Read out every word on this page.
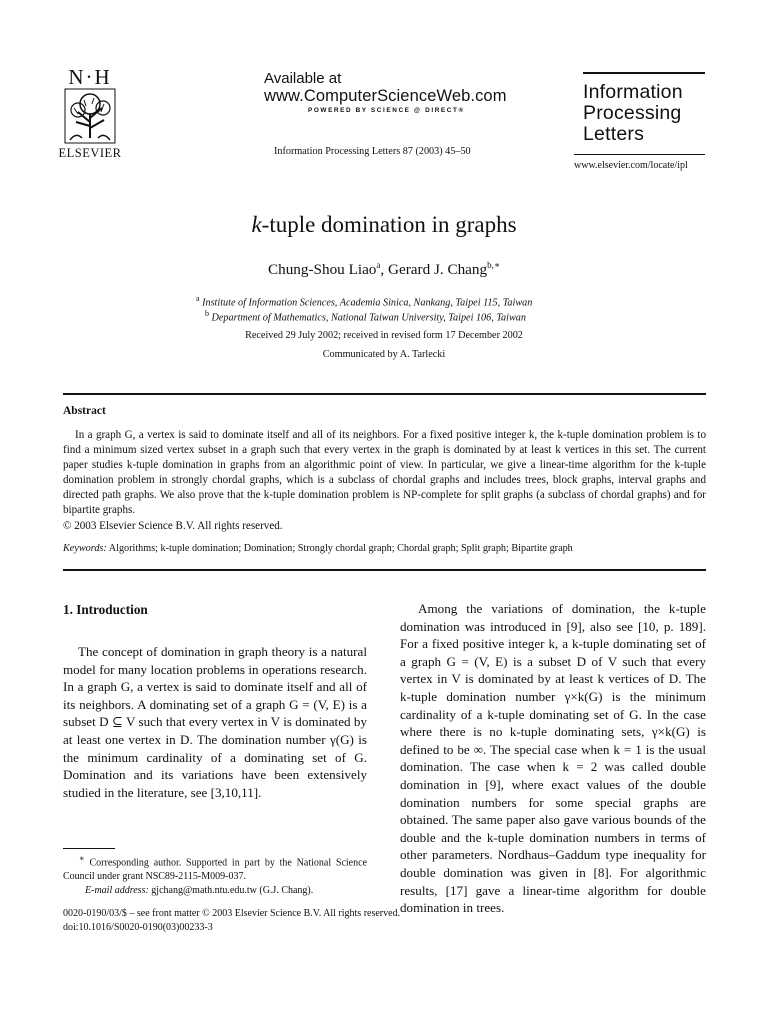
N·H
ELSEVIER
Available at
www.ComputerScienceWeb.com
POWERED BY SCIENCE @ DIRECT®
Information Processing Letters 87 (2003) 45–50
Information
Processing
Letters
www.elsevier.com/locate/ipl
k-tuple domination in graphs
Chung-Shou Liao$^a$, Gerard J. Chang$^{b,∗}$
$^a$ Institute of Information Sciences, Academia Sinica, Nankang, Taipei 115, Taiwan
$^b$ Department of Mathematics, National Taiwan University, Taipei 106, Taiwan
Received 29 July 2002; received in revised form 17 December 2002
Communicated by A. Tarlecki
Abstract

In a graph G, a vertex is said to dominate itself and all of its neighbors. For a fixed positive integer k, the k-tuple domination problem is to find a minimum sized vertex subset in a graph such that every vertex in the graph is dominated by at least k vertices in this set. The current paper studies k-tuple domination in graphs from an algorithmic point of view. In particular, we give a linear-time algorithm for the k-tuple domination problem in strongly chordal graphs, which is a subclass of chordal graphs and includes trees, block graphs, interval graphs and directed path graphs. We also prove that the k-tuple domination problem is NP-complete for split graphs (a subclass of chordal graphs) and for bipartite graphs.

© 2003 Elsevier Science B.V. All rights reserved.

Keywords: Algorithms; k-tuple domination; Domination; Strongly chordal graph; Chordal graph; Split graph; Bipartite graph
1. Introduction

The concept of domination in graph theory is a natural model for many location problems in operations research. In a graph G, a vertex is said to dominate itself and all of its neighbors. A dominating set of a graph G = (V, E) is a subset D ⊆ V such that every vertex in V is dominated by at least one vertex in D. The domination number γ(G) is the minimum cardinality of a dominating set of G. Domination and its variations have been extensively studied in the literature, see [3,10,11].

Among the variations of domination, the k-tuple domination was introduced in [9], also see [10, p. 189]. For a fixed positive integer k, a k-tuple dominating set of a graph G = (V, E) is a subset D of V such that every vertex in V is dominated by at least k vertices of D. The k-tuple domination number γ×k(G) is the minimum cardinality of a k-tuple dominating set of G. In the case where there is no k-tuple dominating sets, γ×k(G) is defined to be ∞. The special case when k = 1 is the usual domination. The case when k = 2 was called double domination in [9], where exact values of the double domination numbers for some special graphs are obtained. The same paper also gave various bounds of the double and the k-tuple domination numbers in terms of other parameters. Nordhaus–Gaddum type inequality for double domination was given in [8]. For algorithmic results, [17] gave a linear-time algorithm for double domination in trees.

∗ Corresponding author. Supported in part by the National Science Council under grant NSC89-2115-M009-037.

E-mail address: gjchang@math.ntu.edu.tw (G.J. Chang).

0020-0190/03/$ – see front matter © 2003 Elsevier Science B.V. All rights reserved.
doi:10.1016/S0020-0190(03)00233-3
